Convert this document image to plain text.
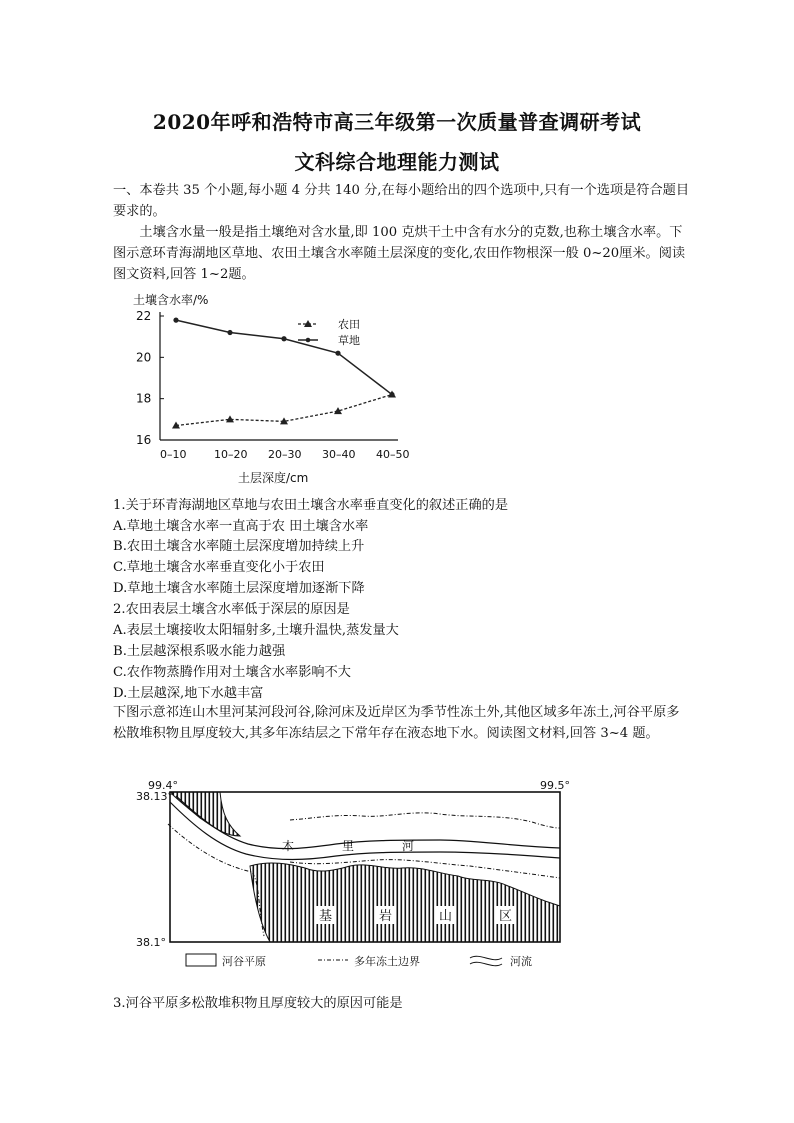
2020年呼和浩特市高三年级第一次质量普查调研考试
文科综合地理能力测试
一、本卷共 35 个小题,每小题 4 分共 140 分,在每小题给出的四个选项中,只有一个选项是符合题目要求的。
土壤含水量一般是指土壤绝对含水量,即 100 克烘干土中含有水分的克数,也称土壤含水率。下图示意环青海湖地区草地、农田土壤含水率随土层深度的变化,农田作物根深一般 0~20厘米。阅读图文资料,回答 1~2题。
土壤含水率/%
农田
草地
22
20
18
16
0–10	10–20 20–30 30–40 40–50
土层深度/cm
1.关于环青海湖地区草地与农田土壤含水率垂直变化的叙述正确的是
A.草地土壤含水率一直高于农 田土壤含水率
B.农田土壤含水率随土层深度增加持续上升
C.草地土壤含水率垂直变化小于农田
D.草地土壤含水率随土层深度增加逐渐下降
2.农田表层土壤含水率低于深层的原因是
A.表层土壤接收太阳辐射多,土壤升温快,蒸发量大
B.土层越深根系吸水能力越强
C.农作物蒸腾作用对土壤含水率影响不大
D.土层越深,地下水越丰富
下图示意祁连山木里河某河段河谷,除河床及近岸区为季节性冻土外,其他区域多年冻土,河谷平原多松散堆积物且厚度较大,其多年冻结层之下常年存在液态地下水。阅读图文材料,回答 3~4 题。
99.4°	99.5°
38.13°
38.1°
木	里	河
基	岩	山	区
河谷平原	多年冻土边界	河流
3.河谷平原多松散堆积物且厚度较大的原因可能是
